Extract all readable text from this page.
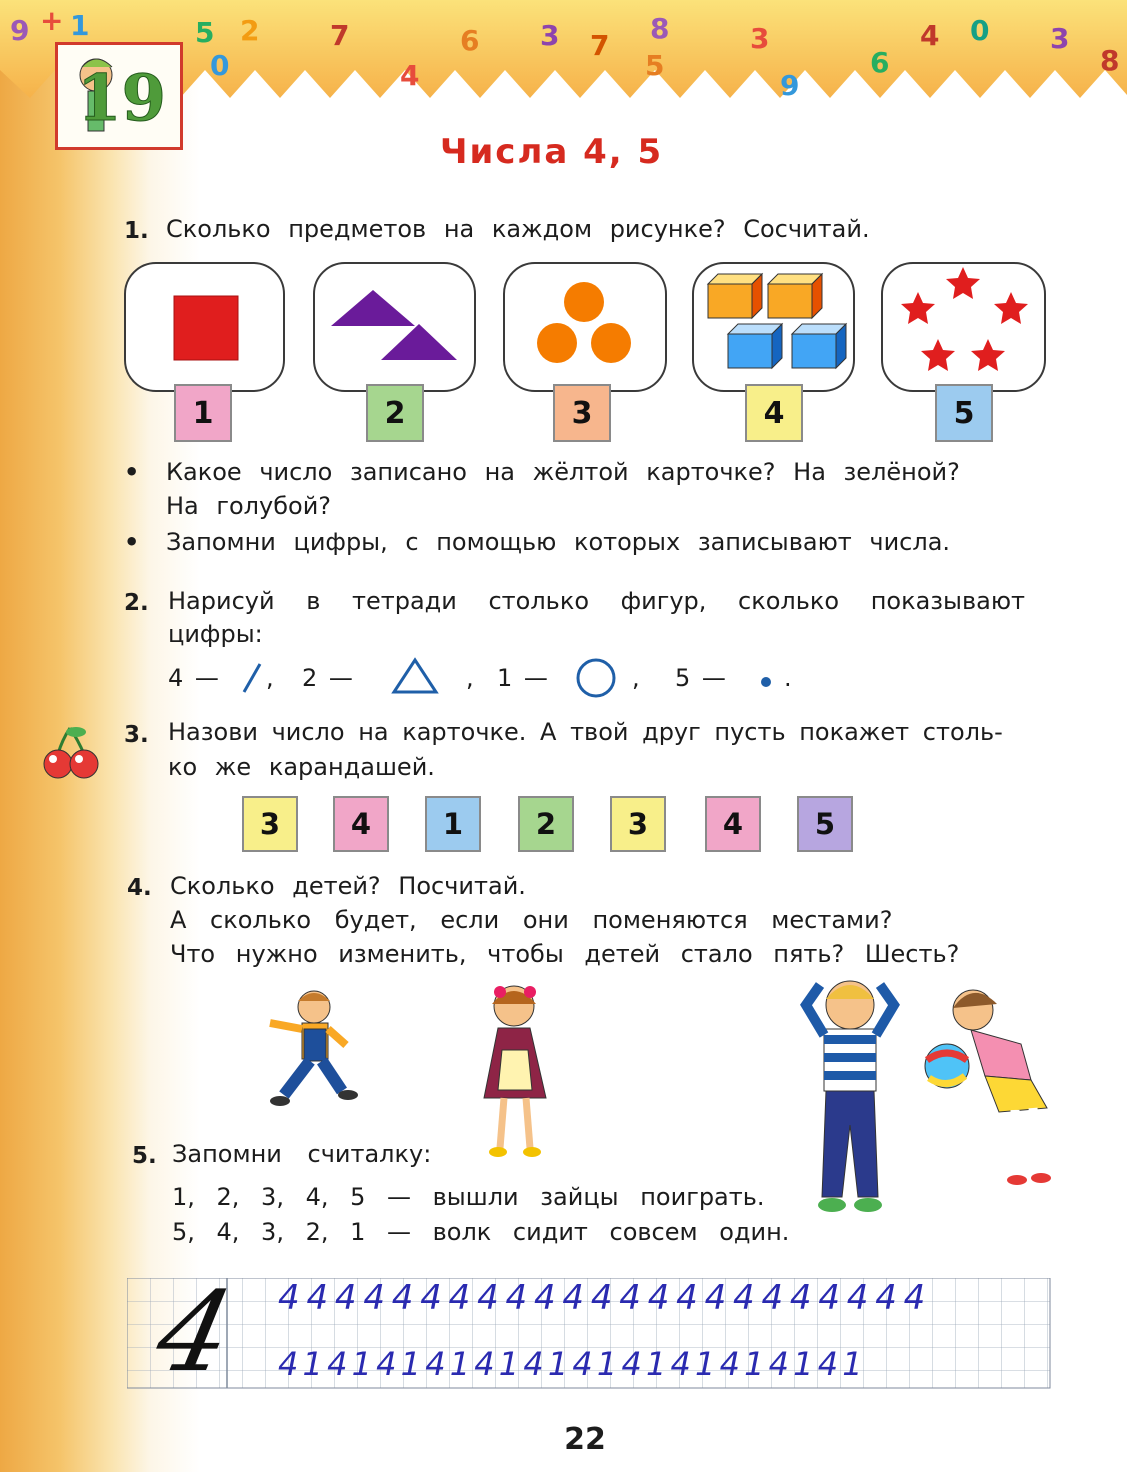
9 + 1	5 2	7	6 3 7
8
5
3
6
4 0 3
8
4
0
9
19
Числа 4, 5
1. Сколько предметов на каждом рисунке? Сосчитай.
1	2	3	4	5
• Какое число записано на жёлтой карточке? На зелёной?
На голубой?
• Запомни цифры, с помощью которых записывают числа.
2. Нарисуй в тетради столько фигур, сколько показывают
цифры:
4 — , 2 —	, 1 —	, 5 — .
3. Назови число на карточке. А твой друг пусть покажет столь-
ко же карандашей.
3	4	1	2	3	4	5
4. Сколько детей? Посчитай.
А сколько будет, если они поменяются местами?
Что нужно изменить, чтобы детей стало пять? Шесть?
5. Запомни считалку:
1, 2, 3, 4, 5 — вышли зайцы поиграть.
5, 4, 3, 2, 1 — волк сидит совсем один.
4 4 4 4 4 4 4 4 4 4 4 4 4 4 4 4 4 4 4 4 4 4 4 4
4 1 4 1 4 1 4 1 4 1 4 1 4 1 4 1 4 1 4 1 4 1 4 1
22
